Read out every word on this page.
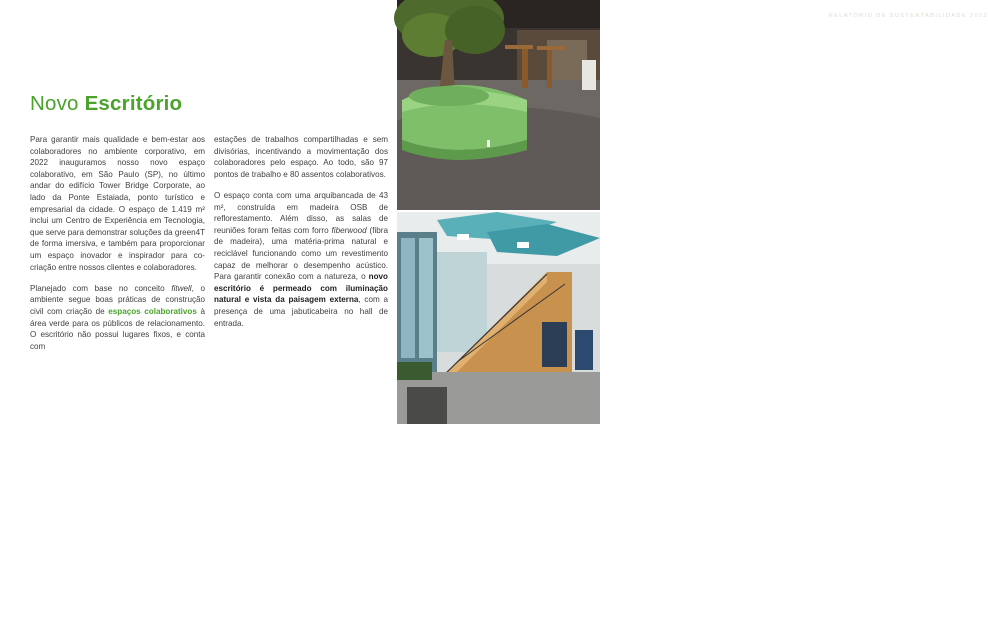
Novo Escritório

Para garantir mais qualidade e bem-estar aos colaboradores no ambiente corporativo, em 2022 inauguramos nosso novo espaço colaborativo, em São Paulo (SP), no último andar do edifício Tower Bridge Corporate, ao lado da Ponte Estaiada, ponto turístico e empresarial da cidade. O espaço de 1.419 m² inclui um Centro de Experiência em Tecnologia, que serve para demonstrar soluções da green4T de forma imersiva, e também para proporcionar um espaço inovador e inspirador para co-criação entre nossos clientes e colaboradores.

Planejado com base no conceito fitwell, o ambiente segue boas práticas de construção civil com criação de espaços colaborativos à área verde para os públicos de relacionamento. O escritório não possui lugares fixos, e conta com

estações de trabalhos compartilhadas e sem divisórias, incentivando a movimentação dos colaboradores pelo espaço. Ao todo, são 97 pontos de trabalho e 80 assentos colaborativos.

O espaço conta com uma arquibancada de 43 m², construída em madeira OSB de reflorestamento. Além disso, as salas de reuniões foram feitas com forro fiberwood (fibra de madeira), uma matéria-prima natural e reciclável funcionando como um revestimento capaz de melhorar o desempenho acústico. Para garantir conexão com a natureza, o novo escritório é permeado com iluminação natural e vista da paisagem externa, com a presença de uma jabuticabeira no hall de entrada.

RELATÓRIO DE SUSTENTABILIDADE 2022
57
